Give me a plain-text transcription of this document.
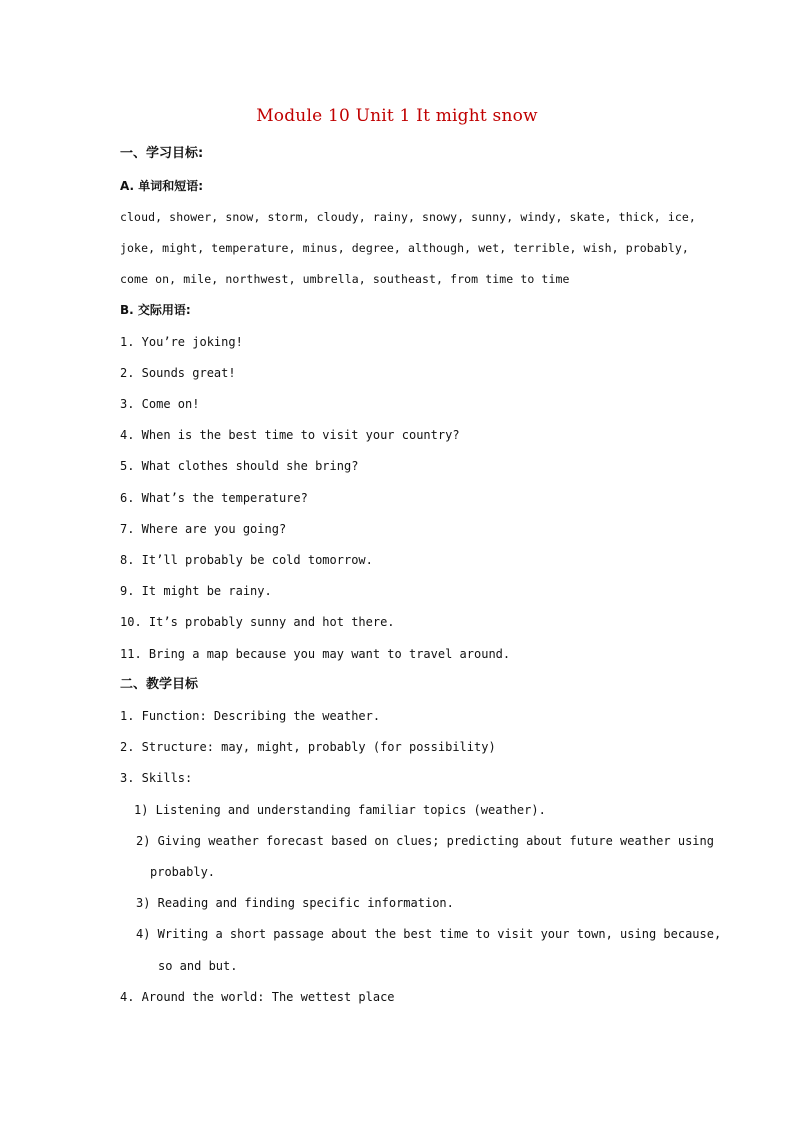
Module 10 Unit 1 It might snow
一、学习目标:
A. 单词和短语:
cloud, shower, snow, storm, cloudy, rainy, snowy, sunny, windy, skate, thick, ice,
joke, might, temperature, minus, degree, although, wet, terrible, wish, probably,
come on, mile, northwest, umbrella, southeast, from time to time
B. 交际用语:
1. You’re joking!
2. Sounds great!
3. Come on!
4. When is the best time to visit your country?
5. What clothes should she bring?
6. What’s the temperature?
7. Where are you going?
8. It’ll probably be cold tomorrow.
9. It might be rainy.
10. It’s probably sunny and hot there.
11. Bring a map because you may want to travel around.
二、教学目标
1. Function: Describing the weather.
2. Structure: may, might, probably (for possibility)
3. Skills:
1) Listening and understanding familiar topics (weather).
2) Giving weather forecast based on clues; predicting about future weather using
probably.
3) Reading and finding specific information.
4) Writing a short passage about the best time to visit your town, using because,
so and but.
4. Around the world: The wettest place
